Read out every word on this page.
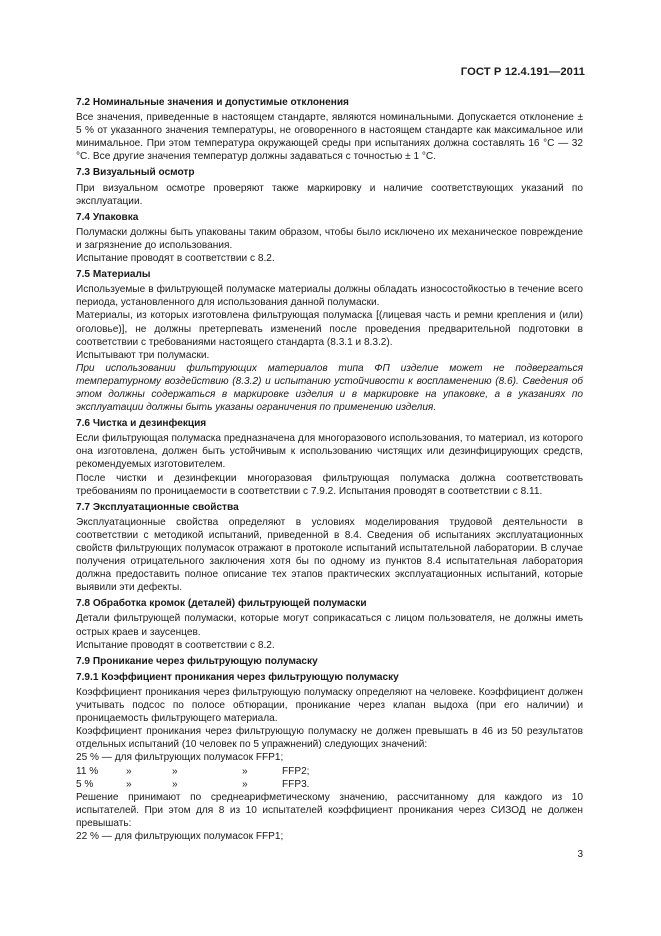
ГОСТ Р 12.4.191—2011
7.2 Номинальные значения и допустимые отклонения

Все значения, приведенные в настоящем стандарте, являются номинальными. Допускается отклонение ± 5 % от указанного значения температуры, не оговоренного в настоящем стандарте как максимальное или минимальное. При этом температура окружающей среды при испытаниях должна составлять 16 °С — 32 °С. Все другие значения температур должны задаваться с точностью ± 1 °С.

7.3 Визуальный осмотр

При визуальном осмотре проверяют также маркировку и наличие соответствующих указаний по эксплуатации.

7.4 Упаковка

Полумаски должны быть упакованы таким образом, чтобы было исключено их механическое повреждение и загрязнение до использования.

Испытание проводят в соответствии с 8.2.

7.5 Материалы

Используемые в фильтрующей полумаске материалы должны обладать износостойкостью в течение всего периода, установленного для использования данной полумаски.

Материалы, из которых изготовлена фильтрующая полумаска [(лицевая часть и ремни крепления и (или) оголовье)], не должны претерпевать изменений после проведения предварительной подготовки в соответствии с требованиями настоящего стандарта (8.3.1 и 8.3.2).

Испытывают три полумаски.

При использовании фильтрующих материалов типа ФП изделие может не подвергаться температурному воздействию (8.3.2) и испытанию устойчивости к воспламенению (8.6). Сведения об этом должны содержаться в маркировке изделия и в маркировке на упаковке, а в указаниях по эксплуатации должны быть указаны ограничения по применению изделия.

7.6 Чистка и дезинфекция

Если фильтрующая полумаска предназначена для многоразового использования, то материал, из которого она изготовлена, должен быть устойчивым к использованию чистящих или дезинфицирующих средств, рекомендуемых изготовителем.

После чистки и дезинфекции многоразовая фильтрующая полумаска должна соответствовать требованиям по проницаемости в соответствии с 7.9.2. Испытания проводят в соответствии с 8.11.

7.7 Эксплуатационные свойства

Эксплуатационные свойства определяют в условиях моделирования трудовой деятельности в соответствии с методикой испытаний, приведенной в 8.4. Сведения об испытаниях эксплуатационных свойств фильтрующих полумасок отражают в протоколе испытаний испытательной лаборатории. В случае получения отрицательного заключения хотя бы по одному из пунктов 8.4 испытательная лаборатория должна предоставить полное описание тех этапов практических эксплуатационных испытаний, которые выявили эти дефекты.

7.8 Обработка кромок (деталей) фильтрующей полумаски

Детали фильтрующей полумаски, которые могут соприкасаться с лицом пользователя, не должны иметь острых краев и заусенцев.

Испытание проводят в соответствии с 8.2.

7.9 Проникание через фильтрующую полумаску
7.9.1 Коэффициент проникания через фильтрующую полумаску

Коэффициент проникания через фильтрующую полумаску определяют на человеке. Коэффициент должен учитывать подсос по полосе обтюрации, проникание через клапан выдоха (при его наличии) и проницаемость фильтрующего материала.

Коэффициент проникания через фильтрующую полумаску не должен превышать в 46 из 50 результатов отдельных испытаний (10 человек по 5 упражнений) следующих значений:

25 % — для фильтрующих полумасок FFP1;

11 %	»	»	»	FFP2;
5 %	»	»	»	FFP3.

Решение принимают по среднеарифметическому значению, рассчитанному для каждого из 10 испытателей. При этом для 8 из 10 испытателей коэффициент проникания через СИЗОД не должен превышать:

22 % — для фильтрующих полумасок FFP1;

3
